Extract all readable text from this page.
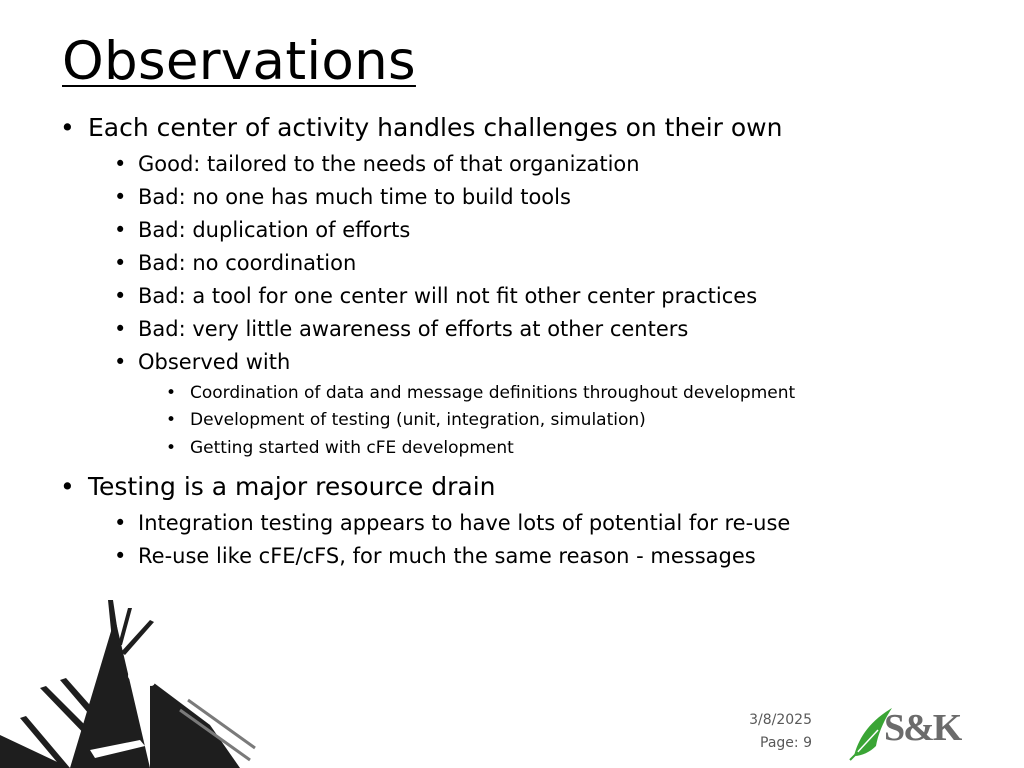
Observations
• Each center of activity handles challenges on their own
• Good: tailored to the needs of that organization
• Bad: no one has much time to build tools
• Bad: duplication of efforts
• Bad: no coordination
• Bad: a tool for one center will not fit other center practices
• Bad: very little awareness of efforts at other centers
• Observed with
• Coordination of data and message definitions throughout development
• Development of testing (unit, integration, simulation)
• Getting started with cFE development
• Testing is a major resource drain
• Integration testing appears to have lots of potential for re-use
• Re-use like cFE/cFS, for much the same reason - messages
3/8/2025
Page: 9 S&K
